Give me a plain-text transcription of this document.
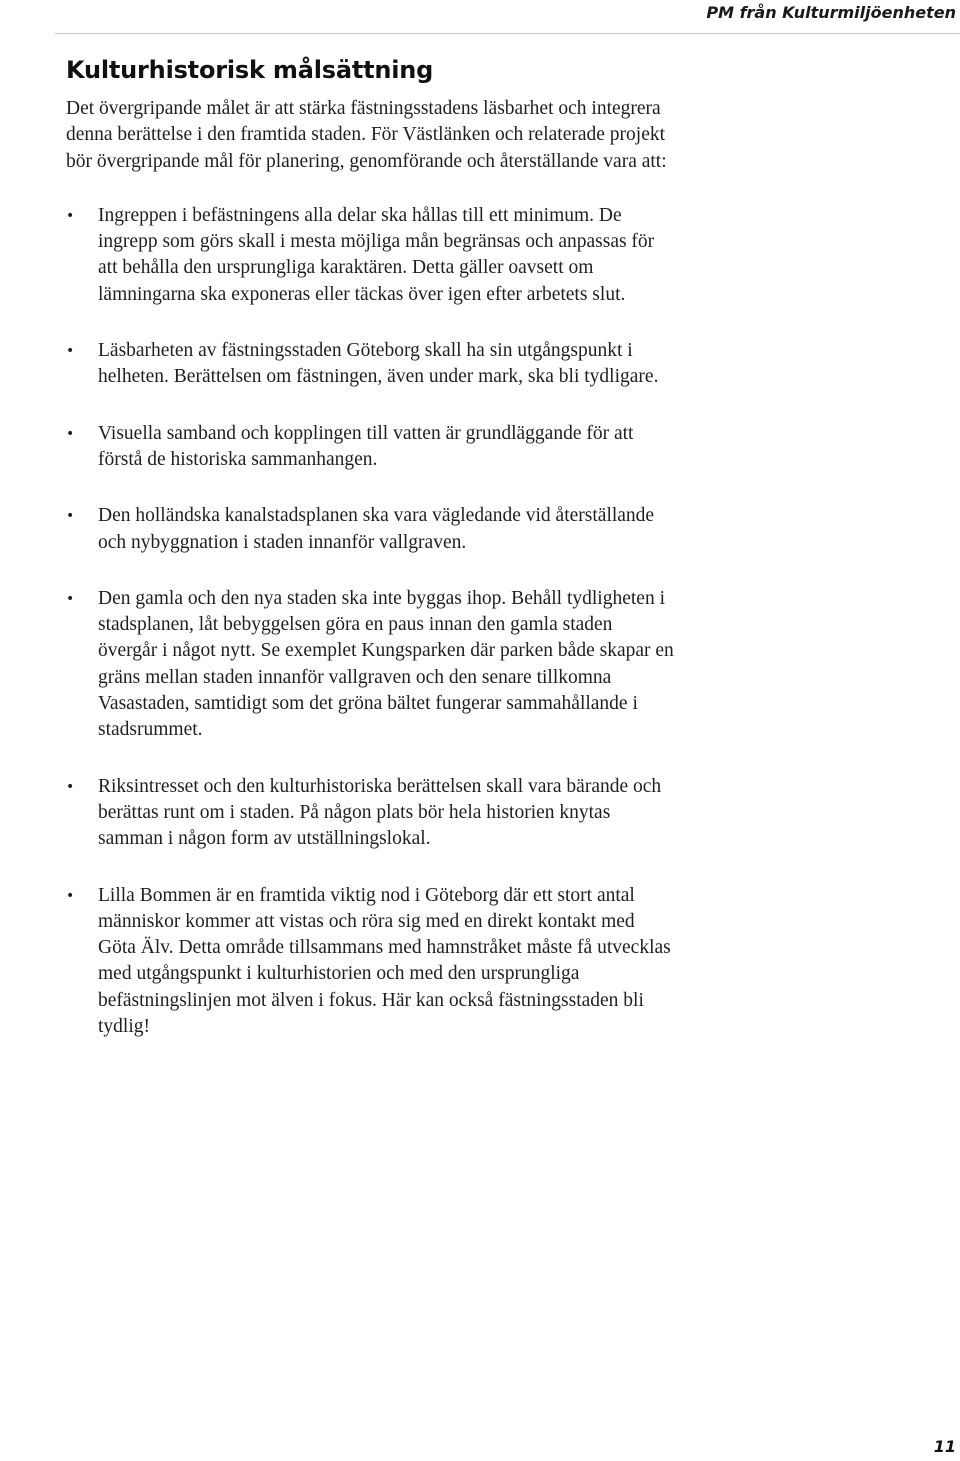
PM från Kulturmiljöenheten
Kulturhistorisk målsättning

Det övergripande målet är att stärka fästningsstadens läsbarhet och integrera denna berättelse i den framtida staden. För Västlänken och relaterade projekt bör övergripande mål för planering, genomförande och återställande vara att:

• Ingreppen i befästningens alla delar ska hållas till ett minimum. De ingrepp som görs skall i mesta möjliga mån begränsas och anpassas för att behålla den ursprungliga karaktären. Detta gäller oavsett om lämningarna ska exponeras eller täckas över igen efter arbetets slut.
• Läsbarheten av fästningsstaden Göteborg skall ha sin utgångspunkt i helheten. Berättelsen om fästningen, även under mark, ska bli tydligare.
• Visuella samband och kopplingen till vatten är grundläggande för att förstå de historiska sammanhangen.
• Den holländska kanalstadsplanen ska vara vägledande vid återställande och nybyggnation i staden innanför vallgraven.
• Den gamla och den nya staden ska inte byggas ihop. Behåll tydligheten i stadsplanen, låt bebyggelsen göra en paus innan den gamla staden övergår i något nytt. Se exemplet Kungsparken där parken både skapar en gräns mellan staden innanför vallgraven och den senare tillkomna Vasastaden, samtidigt som det gröna bältet fungerar sammahållande i stadsrummet.
• Riksintresset och den kulturhistoriska berättelsen skall vara bärande och berättas runt om i staden. På någon plats bör hela historien knytas samman i någon form av utställningslokal.
• Lilla Bommen är en framtida viktig nod i Göteborg där ett stort antal människor kommer att vistas och röra sig med en direkt kontakt med Göta Älv. Detta område tillsammans med hamnstråket måste få utvecklas med utgångspunkt i kulturhistorien och med den ursprungliga befästningslinjen mot älven i fokus. Här kan också fästningsstaden bli tydlig!
11
